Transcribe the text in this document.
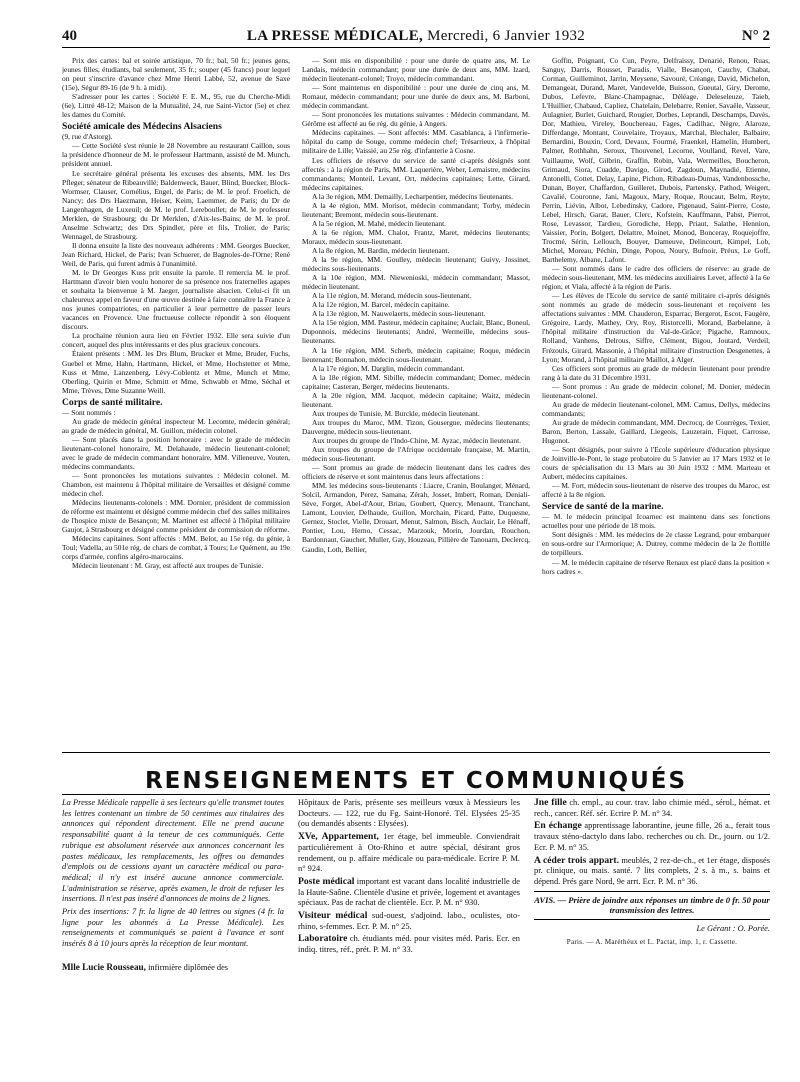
40	LA PRESSE MÉDICALE, Mercredi, 6 Janvier 1932	N° 2

Prix des cartes: bal et soirée artistique, 70 fr.; bal, 50 fr.; jeunes gens, jeunes filles, étudiants, bal seulement, 35 fr.; souper (45 francs) pour lequel on peut s'inscrire d'avance chez Mme Henri Labbé, 52, avenue de Saxe (15e), Ségur 89-16 (de 9 h. à midi).

S'adresser pour les cartes : Société F. E. M., 95, rue du Cherche-Midi (6e), Littré 48-12; Maison de la Mutualité, 24, rue Saint-Victor (5e) et chez les dames du Comité.

Société amicale des Médecins Alsaciens
(9, rue d'Astorg).

— Cette Société s'est réunie le 28 Novembre au restaurant Caillon, sous la présidence d'honneur de M. le professeur Hartmann, assisté de M. Munch, président annuel.

Le secrétaire général présenta les excuses des absents, MM. les Drs Pfleger, sénateur de Ribeauvillé; Baldenweck, Bauer, Blind, Buecker, Block-Wormser, Clauser, Cornélius, Engel, de Paris; de M. le prof. Froelich, de Nancy; des Drs Haezmann, Heiser, Keim, Laemmer, de Paris; du Dr de Langenhagen, de Luxeuil; de M. le prof. Lereboullet; de M. le professeur Merklen, de Strasbourg; du Dr Merklen, d'Aix-les-Bains; de M. le prof. Anselme Schwartz; des Drs Spindler, père et fils, Trolier, de Paris; Wennagel, de Strasbourg.

Il donna ensuite la liste des nouveaux adhérents : MM. Georges Buecker, Jean Richard, Hickel, de Paris; Ivan Schuerer, de Bagnoles-de-l'Orne; René Weil, de Paris, qui furent admis à l'unanimité.

M. le Dr Georges Kuss prit ensuite la parole. Il remercia M. le prof. Hartmann d'avoir bien voulu honorer de sa présence nos fraternelles agapes et souhaita la bienvenue à M. Jaeger, journaliste alsacien. Celui-ci fit un chaleureux appel en faveur d'une œuvre destinée à faire connaître la France à nos jeunes compatriotes, en particulier à leur permettre de passer leurs vacances en Provence. Une fructueuse collecte répondit à son éloquent discours.

La prochaine réunion aura lieu en Février 1932. Elle sera suivie d'un concert, auquel des plus intéressants et des plus gracieux concours.

Étaient présents : MM. les Drs Blum, Brucker et Mme, Bruder, Fuchs, Guebel et Mme, Hahn, Hartmann, Hickel, et Mme, Hochstetter et Mme, Kuss et Mme, Lanzenberg, Lévy-Coblentz et Mme, Munch et Mme, Oberling, Quirin et Mme, Schmitt et Mme, Schwabb et Mme, Séchal et Mme, Trèves, Dme Suzanne Weill.

Corps de santé militaire.
— Sont nommés :

Au grade de médecin général inspecteur M. Lecomte, médecin général; au grade de médecin général, M. Guillon, médecin colonel.

— Sont placés dans la position honoraire : avec le grade de médecin lieutenant-colonel honoraire, M. Delahaude, médecin lieutenant-colonel; avec le grade de médecin commandant honoraire, MM. Villeneuve, Vouten, médecins commandants.

— Sont prononcées les mutations suivantes : Médecin colonel. M. Chambon, est maintenu à l'hôpital militaire de Versailles et désigné comme médecin chef.

Médecins lieutenants-colonels : MM. Dornier, président de commission de réforme est maintenu et désigné comme médecin chef des salles militaires de l'hospice mixte de Besançon; M. Martinet est affecté à l'hôpital militaire Gaujot, à Strasbourg et désigné comme président de commission de réforme.

Médecins capitaines. Sont affectés : MM. Belot, au 15e rég. du génie, à Toul; Vadella, au 501e rég. de chars de combat, à Tours; Le Quément, au 19e corps d'armée, confins algéro-marocains.

Médecin lieutenant : M. Gray, est affecté aux troupes de Tunisie.

— Sont mis en disponibilité : pour une durée de quatre ans, M. Le Landais, médecin commandant; pour une durée de deux ans, MM. Izard, médecin lieutenant-colonel; Troyo, médecin commandant.

— Sont maintenus en disponibilité : pour une durée de cinq ans, M. Romaur, médecin commandant; pour une durée de deux ans, M. Barboni, médecin commandant.

— Sont prononcées les mutations suivantes : Médecin commandant, M. Gérôme est affecté au 6e rég. du génie, à Angers.

Médecins capitaines. — Sont affectés: MM. Casablanca, à l'infirmerie-hôpital du camp de Souge, comme médecin chef; Trésarrieux, à l'hôpital militaire de Lille; Vaissié, au 25e rég. d'infanterie à Cosne.

Les officiers de réserve du service de santé ci-après désignés sont affectés : à la région de Paris, MM. Laquerière, Weber, Lemaistre, médecins commandants; Monteil, Levant, Ort, médecins capitaines; Lette, Girard, médecins capitaines.

A la 3e région, MM. Demailly, Lecharpentier, médecins lieutenants.

A la 4e région, MM. Morisot, médecin commandant; Torby, médecin lieutenant; Bremont, médecin sous-lieutenant.

A la 5e région, M. Mahé, médecin lieutenant.

A la 6e région, MM. Chalot, Frantz, Maret, médecins lieutenants; Moraux, médecin sous-lieutenant.

A la 8e région, M. Bardin, médecin lieutenant.

A la 9e région, MM. Goulley, médecin lieutenant; Guivy, Jossinet, médecins sous-lieutenants.

A la 10e région, MM. Niewenioski, médecin commandant; Massot, médecin lieutenant.

A la 11e région, M. Merand, médecin sous-lieutenant.

A la 12e région, M. Barcel, médecin capitaine.

A la 13e région, M. Nauwelaerts, médecin sous-lieutenant.

A la 15e région, MM. Pasteur, médecin capitaine; Auclair, Blanc, Boneul, Duponnois, médecins lieutenants; André, Wermeille, médecins sous-lieutenants.

A la 16e région, MM. Scherb, médecin capitaine; Roque, médecin lieutenant; Bonnahon, médecin sous-lieutenant.

A la 17e région, M. Darglin, médecin commandant.

A la 18e région, MM. Sibille, médecin commandant; Domec, médecin capitaine; Casteran, Berger, médecins lieutenants.

A la 20e région, MM. Jacquot, médecin capitaine; Waitz, médecin lieutenant.

Aux troupes de Tunisie, M. Burckle, médecin lieutenant.

Aux troupes du Maroc, MM. Tizon, Gousergue, médecins lieutenants; Dauvergne, médecin sous-lieutenant.

Aux troupes du groupe de l'Indo-Chine, M. Ayzac, médecin lieutenant.

Aux troupes du groupe de l'Afrique occidentale française, M. Martin, médecin sous-lieutenant.

— Sont promus au grade de médecin lieutenant dans les cadres des officiers de réserve et sont maintenus dans leurs affectations :

MM. les médecins sous-lieutenants : Liacre, Cranin, Boulanger, Ménard, Solcil, Armandon, Perez, Samana, Zérah, Josset, Imbert, Roman, Deniali-Sève, Forget, Abel-d'Aour, Briau, Goubert, Quercy, Menaunt, Tranchant, Lamont, Louvier, Delhaude, Guillon, Morchain, Picard, Patte, Duquesne, Gernez, Stoclet, Vielle, Drouart, Menut, Salmon, Bisch, Auclair, Le Hénaff, Pontier, Lou, Herno, Cessac, Marzouk, Morin, Jourdan, Rouchon, Bardonnaut, Gaucher, Muller, Gay, Houzeau, Pillière de Tanouarn, Declercq, Gaudin, Loth, Bellier,

Goffin, Poignant, Co Cun, Peyre, Delfraissy, Denarié, Renou, Ruas, Sanguy, Darris, Rousset, Paradis, Vialle, Besançon, Cauchy, Chabat, Corman, Guilleminot, Jarrin, Meysene, Savouré, Créange, David, Michelon, Demangeat, Durand, Maret, Vandevelde, Buisson, Gueutal, Giry, Derome, Dubos, Lefevre, Blanc-Champagnac, Déléage, Deleseleuze, Taieb, L'Huillier, Chabaud, Capliez, Chatelain, Delebarre, Renier, Savaële, Vasseur, Aulagnier, Burlet, Guichard, Rougier, Dorbes, Leprandi, Deschamps, Davès, Dor, Mathieu, Vireley, Bouchereau, Fages, Cadilhac, Nègre, Alaroze, Differdange, Montant, Couvelaire, Troyaux, Marchal, Blechaler, Balbaire, Bernardini, Bouxin, Cord, Devaux, Fourmé, Fraenkel, Hamelin, Humbert, Palmer, Rothhahn, Seroux, Thouvenel, Lecorne, Voulland, Revel, Vare, Vuillaume, Wolf, Gilbrin, Graffin, Robin, Vala, Wermeilles, Boucheron, Grimaud, Siora, Cuadde, Davigo, Girod, Zagdoun, Maynadié, Etienne, Antonelli, Cottet, Delay, Lapine, Pichon, Ribadeau-Dumas, Vandenbossche, Dunan, Boyer, Chaffardon, Guilleret, Dubois, Partensky, Pathod, Weigert, Cavalié, Couronne, Jani, Magoux, Mary, Roque, Roucaut, Belm, Reyte, Perrin, Liévin, Albot, Lebedinsky, Cadore, Pigenaud, Saint-Pierre, Coste, Lebel, Hirsch, Garat, Bauer, Clerc, Kofstein, Kauffmann, Pabst, Pierrot, Rose, Levassor, Tardieu, Gorodiche, Hepp, Priaut, Salathe, Hennion, Vaissier, Porin, Bolgert, Delattre, Moinet, Monod, Bonceray, Roquejoffre, Trocmé, Sérin, Lellouch, Bouyer, Dameuve, Delincourt, Kimpel, Lob, Michel, Moreau, Péchin, Dinge, Popou, Noury, Bufnoir, Préux, Le Goff, Barthelemy, Albane, Lafont.

— Sont nommés dans le cadre des officiers de réserve: au grade de médecin sous-lieutenant, MM. les médecins auxiliaires Levet, affecté à la 6e région, et Viala, affecté à la région de Paris.

— Les élèves de l'Ecole du service de santé militaire ci-après désignés sont nommés au grade de médecin sous-lieutenant et reçoivent les affectations suivantes : MM. Chauderon, Esparrac, Bergerot, Escot, Faugère, Grégoire, Lardy, Mathey, Ory, Roy, Ristorcelli, Morand, Barbelanne, à l'hôpital militaire d'instruction du Val-de-Grâce; Pigache, Ramnoux, Rolland, Vanhens, Delrous, Siffre, Clément, Bigou, Joutard, Verdeil, Frézouls, Girard, Massonie, à l'hôpital militaire d'instruction Desgenettes, à Lyon; Morand, à l'hôpital militaire Maillot, à Alger.

Ces officiers sont promus au grade de médecin lieutenant pour prendre rang à la date du 31 Décembre 1931.

— Sont promus : Au grade de médecin colonel, M. Donier, médecin lieutenant-colonel.

Au grade de médecin lieutenant-colonel, MM. Camus, Dellys, médecins commandants;

Au grade de médecin commandant, MM. Decrocq, de Courrèges, Texier, Baron, Berton, Lassale, Gaillard, Liegeois, Lauzerain, Fiquet, Carrosse, Hugonot.

— Sont désignés, pour suivre à l'Ecole supérieure d'éducation physique de Joinville-le-Pont, le stage probatoire du 5 Janvier au 17 Mars 1932 et le cours de spécialisation du 13 Mars au 30 Juin 1932 : MM. Marteau et Aubert, médecins capitaines.

— M. Fort, médecin sous-lieutenant de réserve des troupes du Maroc, est affecté à la 8e région.

Service de santé de la marine.
— M. le médecin principal Icoarnec est maintenu dans ses fonctions actuelles pour une période de 18 mois.

Sont désignés : MM. les médecins de 2e classe Legrand, pour embarquer en sous-ordre sur l'Armorique; A. Dutrey, comme médecin de la 2e flottille de torpilleurs.

— M. le médecin capitaine de réserve Renaux est placé dans la position « hors cadres ».

RENSEIGNEMENTS ET COMMUNIQUÉS

La Presse Médicale rappelle à ses lecteurs qu'elle transmet toutes les lettres contenant un timbre de 50 centimes aux titulaires des annonces qui répondent directement. Elle ne prend aucune responsabilité quant à la teneur de ces communiqués. Cette rubrique est absolument réservée aux annonces concernant les postes médicaux, les remplacements, les offres ou demandes d'emplois ou de cessions ayant un caractère médical ou para-médical; il n'y est inséré aucune annonce commerciale. L'administration se réserve, après examen, le droit de refuser les insertions. Il n'est pas inséré d'annonces de moins de 2 lignes.

Prix des insertions: 7 fr. la ligne de 40 lettres ou signes (4 fr. la ligne pour les abonnés à La Presse Médicale). Les renseignements et communiqués se paient à l'avance et sont insérés 8 à 10 jours après la réception de leur montant.

Mlle Lucie Rousseau, infirmière diplômée des

Hôpitaux de Paris, présente ses meilleurs vœux à Messieurs les Docteurs. — 122, rue du Fg. Saint-Honoré. Tél. Elysées 25-35 (ou demandés absents : Elysées).

XVe, Appartement, 1er étage, bel immeuble. Conviendrait particulièrement à Oto-Rhino et autre spécial, désirant gros rendement, ou p. affaire médicale ou para-médicale. Ecrire P. M. n° 924.

Poste médical important est vacant dans localité industrielle de la Haute-Saône. Clientèle d'usine et privée, logement et avantages spéciaux. Pas de rachat de clientèle. Ecr. P. M. n° 930.

Visiteur médical sud-ouest, s'adjoind. labo., oculistes, oto-rhino, s-femmes. Ecr. P. M. n° 25.

Laboratoire ch. étudiants méd. pour visites méd. Paris. Ecr. en indiq. titres, réf., prét. P. M. n° 33.

Jne fille ch. empl., au cour. trav. labo chimie méd., sérol., hémat. et rech., cancer. Réf. sér. Ecrire P. M. n° 34.

En échange apprentissage laborantine, jeune fille, 26 a., ferait tous travaux sténo-dactylo dans labo. recherches ou ch. Dr., journ. ou 1/2. Ecr. P. M. n° 35.

A céder trois appart. meublés, 2 rez-de-ch., et 1er étage, disposés pr. clinique, ou mais. santé. 7 lits complets, 2 s. à m., s. bains et dépend. Prés gare Nord, 9e arrt. Ecr. P. M. n° 36.

AVIS. — Prière de joindre aux réponses un timbre de 0 fr. 50 pour transmission des lettres.

Le Gérant : O. Porée.

Paris. — A. Maréthéux et L. Pactat, imp. 1, r. Cassette.
